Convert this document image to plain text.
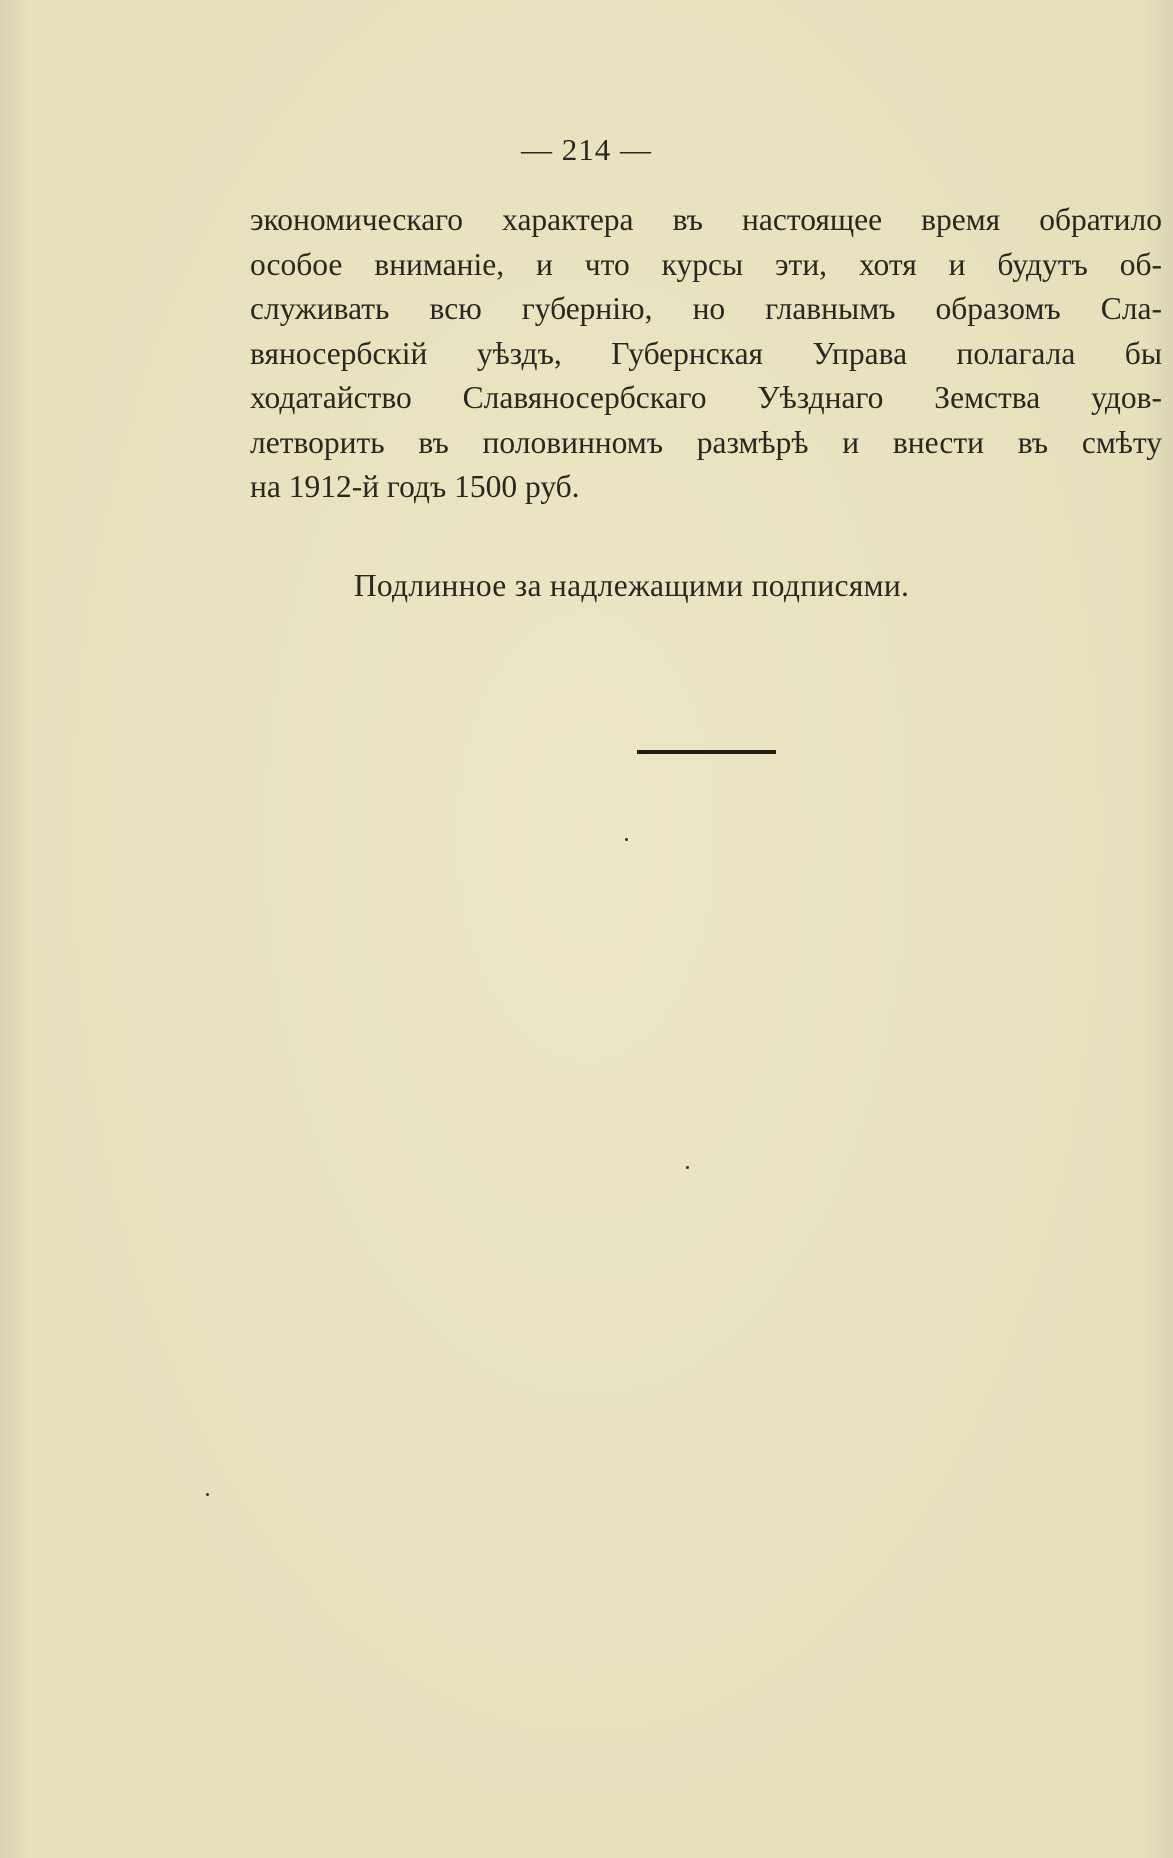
— 214 —
экономическаго характера въ настоящее время обратило
особое вниманіе, и что курсы эти, хотя и будутъ об-
служивать всю губернію, но главнымъ образомъ Сла-
вяносербскій уѣздъ, Губернская Управа полагала бы
ходатайство Славяносербскаго Уѣзднаго Земства удов-
летворить въ половинномъ размѣрѣ и внести въ смѣту
на 1912-й годъ 1500 руб.
Подлинное за надлежащими подписями.
